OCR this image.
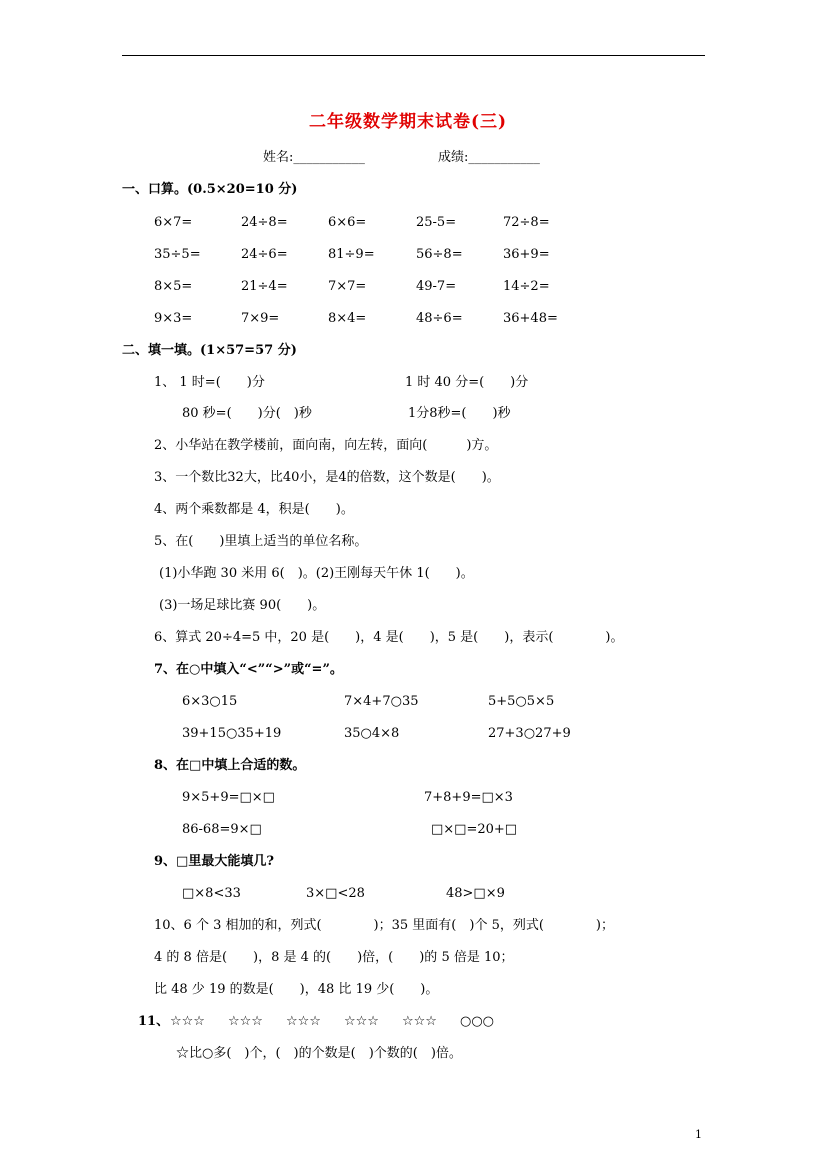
二年级数学期末试卷(三)
姓名:___________	成绩:___________
一、口算。(0.5×20=10 分)
6×7=	24÷8=	6×6=	25-5=	72÷8=
35÷5=	24÷6=	81÷9=	56÷8=	36+9=
8×5=	21÷4=	7×7=	49-7=	14÷2=
9×3=	7×9=	8×4=	48÷6=	36+48=
二、填一填。(1×57=57 分)
1、 1 时=(　　)分	1 时 40 分=(　　)分
80 秒=(　　)分(　)秒	1分8秒=(　　)秒
2、小华站在教学楼前，面向南，向左转，面向(　　　)方。
3、一个数比32大，比40小，是4的倍数，这个数是(　　)。
4、两个乘数都是 4，积是(　　)。
5、在(　　)里填上适当的单位名称。
(1)小华跑 30 米用 6(　)。(2)王刚每天午休 1(　　)。
(3)一场足球比赛 90(　　)。
6、算式 20÷4=5 中，20 是(　　)，4 是(　　)，5 是(　　)，表示(　　　　)。
7、在○中填入“<”“>”或“=”。
6×3○15	7×4+7○35	5+5○5×5
39+15○35+19	35○4×8	27+3○27+9
8、在□中填上合适的数。
9×5+9=□×□	7+8+9=□×3
86-68=9×□	□×□=20+□
9、□里最大能填几?
□×8<33	3×□<28	48>□×9
10、6 个 3 相加的和，列式(　　　　)；35 里面有(　)个 5，列式(　　　　)；
4 的 8 倍是(　　)，8 是 4 的(　　)倍，(　　)的 5 倍是 10；
比 48 少 19 的数是(　　)，48 比 19 少(　　)。
11、 ☆☆☆ ☆☆☆ ☆☆☆ ☆☆☆ ☆☆☆ ○○○
☆比○多(　)个，(　)的个数是(　)个数的(　)倍。
1
